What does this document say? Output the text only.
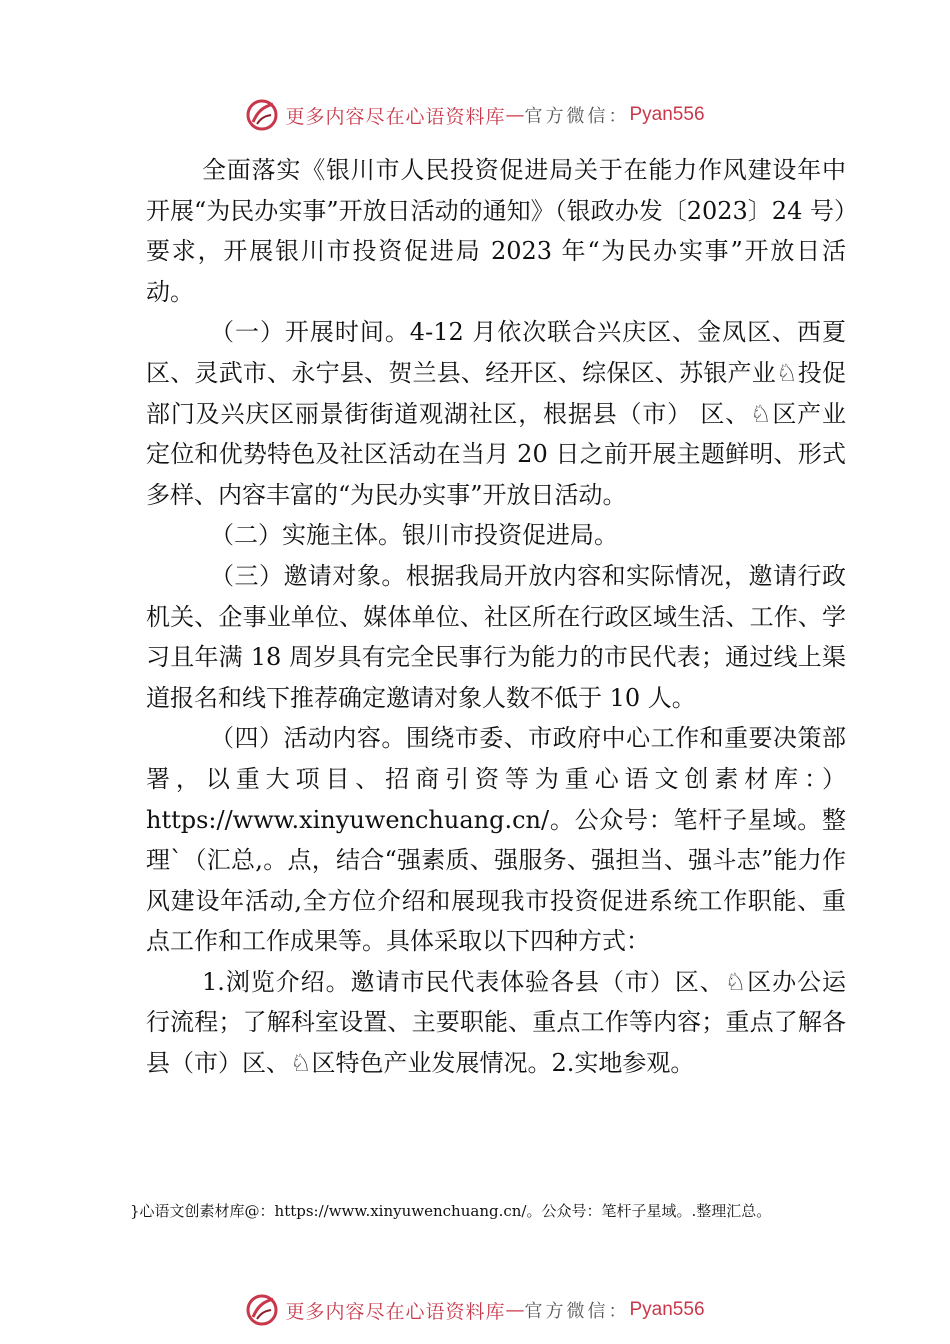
更多内容尽在心语资料库 — 官方微信： Pyan556

全面落实《银川市人民投资促进局关于在能力作风建设年中开展“为民办实事”开放日活动的通知》（银政办发〔2023〕24 号）要求，开展银川市投资促进局 2023 年“为民办实事”开放日活动。

（一）开展时间。4-12 月依次联合兴庆区、金凤区、西夏区、灵武市、永宁县、贺兰县、经开区、综保区、苏银产业♘投促部门及兴庆区丽景街街道观湖社区，根据县（市） 区、♘区产业定位和优势特色及社区活动在当月 20 日之前开展主题鲜明、形式多样、内容丰富的“为民办实事”开放日活动。

（二）实施主体。银川市投资促进局。

（三）邀请对象。根据我局开放内容和实际情况，邀请行政机关、企事业单位、媒体单位、社区所在行政区域生活、工作、学习且年满 18 周岁具有完全民事行为能力的市民代表；通过线上渠道报名和线下推荐确定邀请对象人数不低于 10 人。

（四）活动内容。围绕市委、市政府中心工作和重要决策部署，以重大项目、招商引资等为重心语文创素材库：）https://www.xinyuwenchuang.cn/。公众号：笔杆子星域。整理`（汇总,。点，结合“强素质、强服务、强担当、强斗志”能力作风建设年活动,全方位介绍和展现我市投资促进系统工作职能、重点工作和工作成果等。具体采取以下四种方式：

1.浏览介绍。邀请市民代表体验各县（市）区、♘区办公运行流程；了解科室设置、主要职能、重点工作等内容；重点了解各县（市）区、♘区特色产业发展情况。2.实地参观。

}心语文创素材库@：https://www.xinyuwenchuang.cn/。公众号：笔杆子星域。.整理汇总。
更多内容尽在心语资料库 — 官方微信： Pyan556
